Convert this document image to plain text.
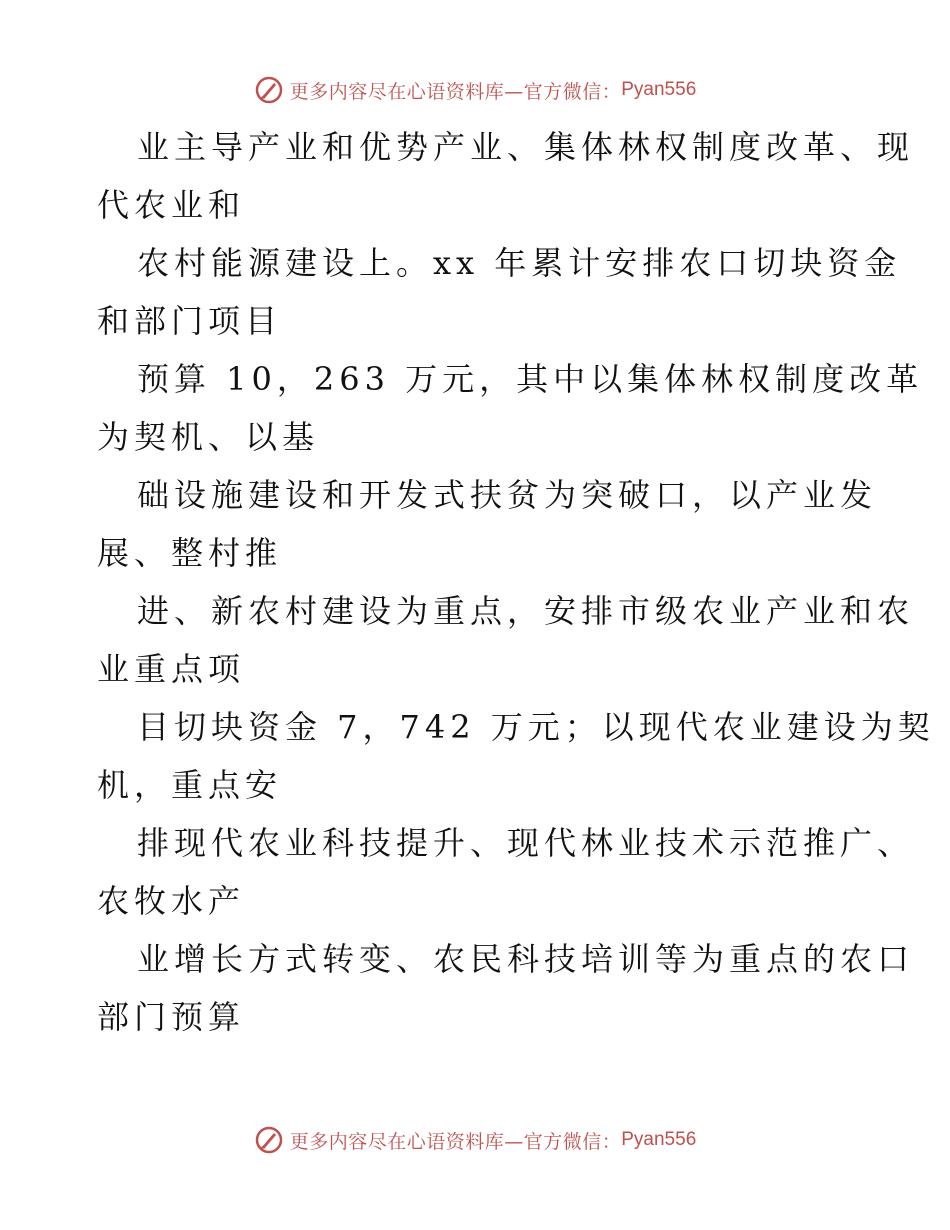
更多内容尽在心语资料库—官方微信： Pyan556
业主导产业和优势产业、集体林权制度改革、现
代农业和
农村能源建设上。xx 年累计安排农口切块资金
和部门项目
预算 10，263 万元，其中以集体林权制度改革
为契机、以基
础设施建设和开发式扶贫为突破口，以产业发
展、整村推
进、新农村建设为重点，安排市级农业产业和农
业重点项
目切块资金 7，742 万元；以现代农业建设为契
机，重点安
排现代农业科技提升、现代林业技术示范推广、
农牧水产
业增长方式转变、农民科技培训等为重点的农口
部门预算
更多内容尽在心语资料库—官方微信： Pyan556
